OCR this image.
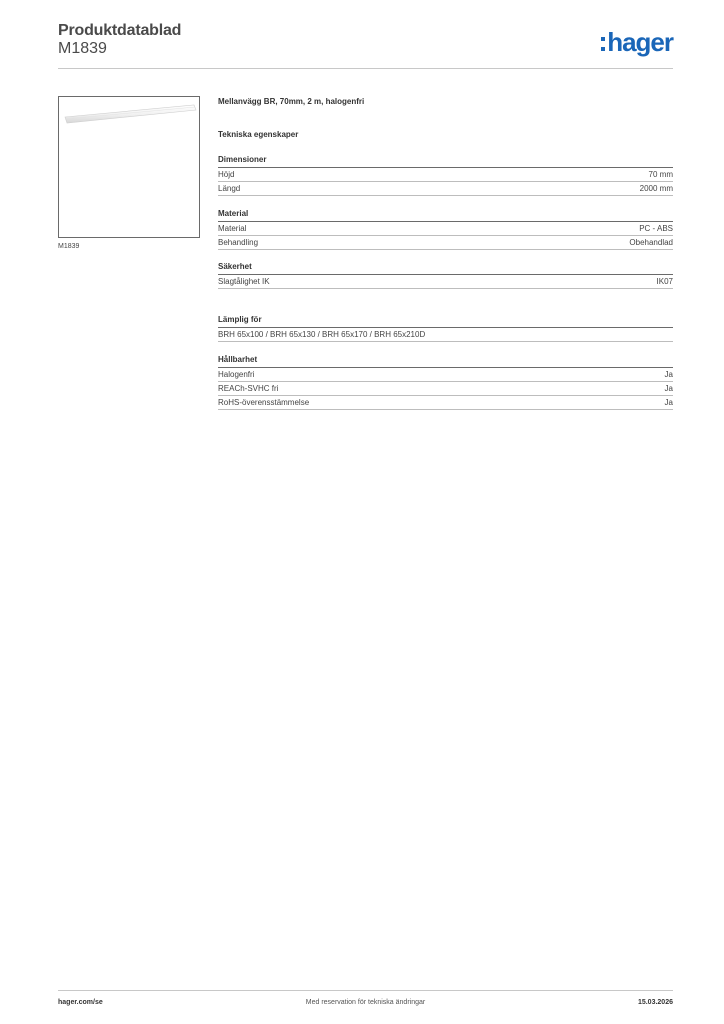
Produktdatablad
M1839	hager
M1839
Mellanvägg BR, 70mm, 2 m, halogenfri
Tekniska egenskaper
Dimensioner
Höjd	70 mm
Längd	2000 mm
Material
Material	PC - ABS
Behandling	Obehandlad
Säkerhet
Slagtålighet IK	IK07
Lämplig för
BRH 65x100 / BRH 65x130 / BRH 65x170 / BRH 65x210D
Hållbarhet
Halogenfri	Ja
REACh-SVHC fri	Ja
RoHS-överensstämmelse	Ja
hager.com/se	Med reservation för tekniska ändringar	15.03.2026
